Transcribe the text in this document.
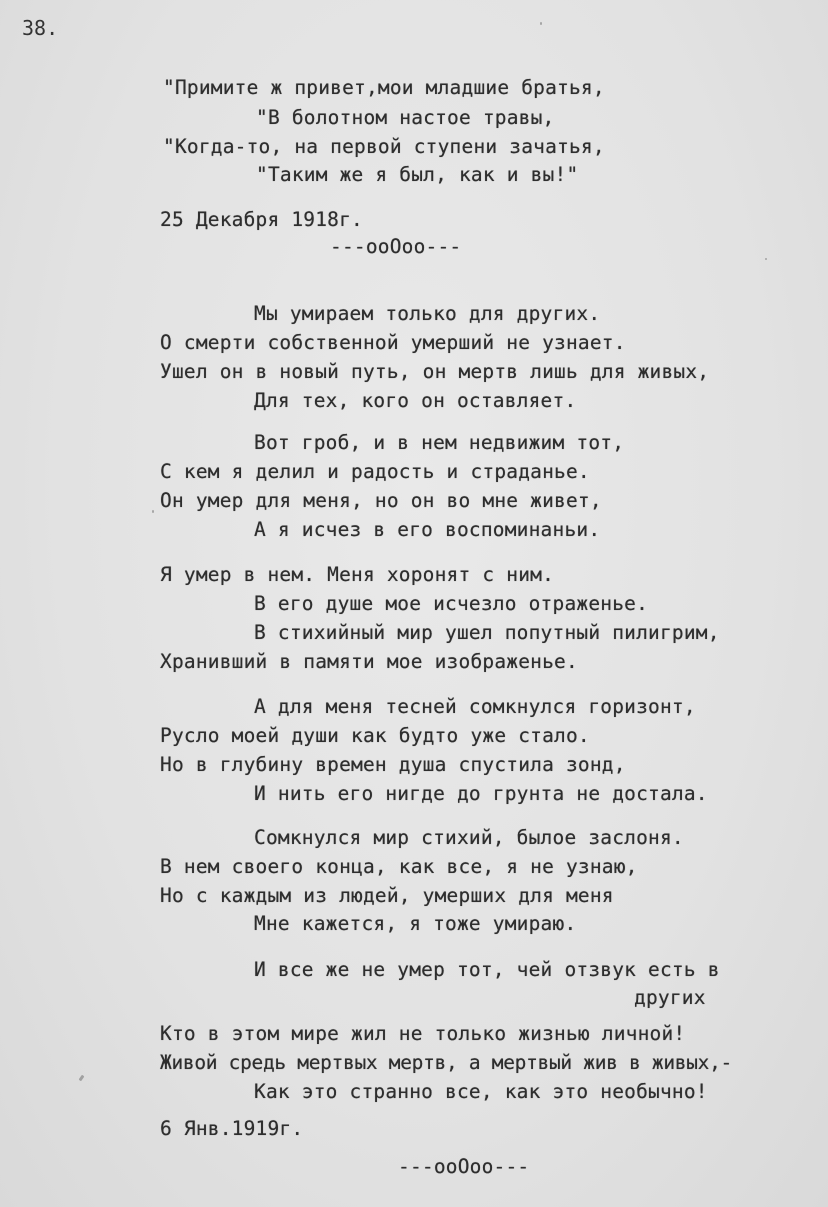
38.
"Примите ж привет,мои младшие братья,
"В болотном настое травы,
"Когда-то, на первой ступени зачатья,
"Таким же я был, как и вы!"
25 Декабря 1918г.
---ooOoo---
Мы умираем только для других.
О смерти собственной умерший не узнает.
Ушел он в новый путь, он мертв лишь для живых,
Для тех, кого он оставляет.
Вот гроб, и в нем недвижим тот,
С кем я делил и радость и страданье.
Он умер для меня, но он во мне живет,
А я исчез в его воспоминаньи.
Я умер в нем. Меня хоронят с ним.
В его душе мое исчезло отраженье.
В стихийный мир ушел попутный пилигрим,
Хранивший в памяти мое изображенье.
А для меня тесней сомкнулся горизонт,
Русло моей души как будто уже стало.
Но в глубину времен душа спустила зонд,
И нить его нигде до грунта не достала.
Сомкнулся мир стихий, былое заслоня.
В нем своего конца, как все, я не узнаю,
Но с каждым из людей, умерших для меня
Мне кажется, я тоже умираю.
И все же не умер тот, чей отзвук есть в
других
Кто в этом мире жил не только жизнью личной!
Живой средь мертвых мертв, а мертвый жив в живых,-
Как это странно все, как это необычно!
6 Янв.1919г.
---ooOoo---
